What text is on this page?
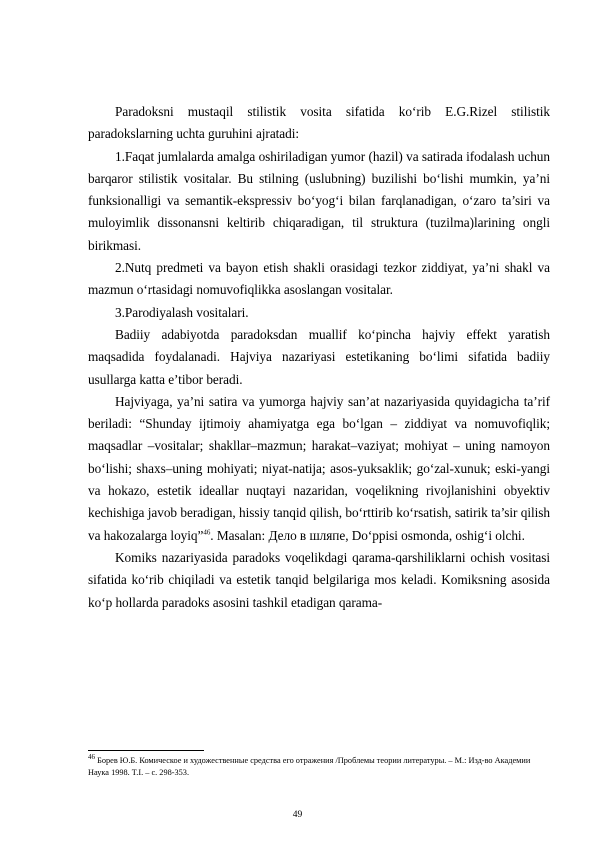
Paradoksni mustaqil stilistik vosita sifatida ko‘rib E.G.Rizel stilistik paradokslarning uchta guruhini ajratadi:

1.Faqat jumlalarda amalga oshiriladigan yumor (hazil) va satirada ifodalash uchun barqaror stilistik vositalar. Bu stilning (uslubning) buzilishi bo‘lishi mumkin, ya’ni funksionalligi va semantik-ekspressiv bo‘yog‘i bilan farqlanadigan, o‘zaro ta’siri va muloyimlik dissonansni keltirib chiqaradigan, til struktura (tuzilma)larining ongli birikmasi.

2.Nutq predmeti va bayon etish shakli orasidagi tezkor ziddiyat, ya’ni shakl va mazmun o‘rtasidagi nomuvofiqlikka asoslangan vositalar.

3.Parodiyalash vositalari.

Badiiy adabiyotda paradoksdan muallif ko‘pincha hajviy effekt yaratish maqsadida foydalanadi. Hajviya nazariyasi estetikaning bo‘limi sifatida badiiy usullarga katta e’tibor beradi.

Hajviyaga, ya’ni satira va yumorga hajviy san’at nazariyasida quyidagicha ta’rif beriladi: “Shunday ijtimoiy ahamiyatga ega bo‘lgan – ziddiyat va nomuvofiqlik; maqsadlar –vositalar; shakllar–mazmun; harakat–vaziyat; mohiyat – uning namoyon bo‘lishi; shaxs–uning mohiyati; niyat-natija; asos-yuksaklik; go‘zal-xunuk; eski-yangi va hokazo, estetik ideallar nuqtayi nazaridan, voqelikning rivojlanishini obyektiv kechishiga javob beradigan, hissiy tanqid qilish, bo‘rttirib ko‘rsatish, satirik ta’sir qilish va hakozalarga loyiq”$^{46}$. Masalan: Дело в шляпе, Do‘ppisi osmonda, oshig‘i olchi.

Komiks nazariyasida paradoks voqelikdagi qarama-qarshiliklarni ochish vositasi sifatida ko‘rib chiqiladi va estetik tanqid belgilariga mos keladi. Komiksning asosida ko‘p hollarda paradoks asosini tashkil etadigan qarama-

$^{46}$ Борев Ю.Б. Комическое и художественные средства его отражения /Проблемы теории литературы. – М.: Изд-во Академии Наука 1998. T.I. – с. 298-353.

49
